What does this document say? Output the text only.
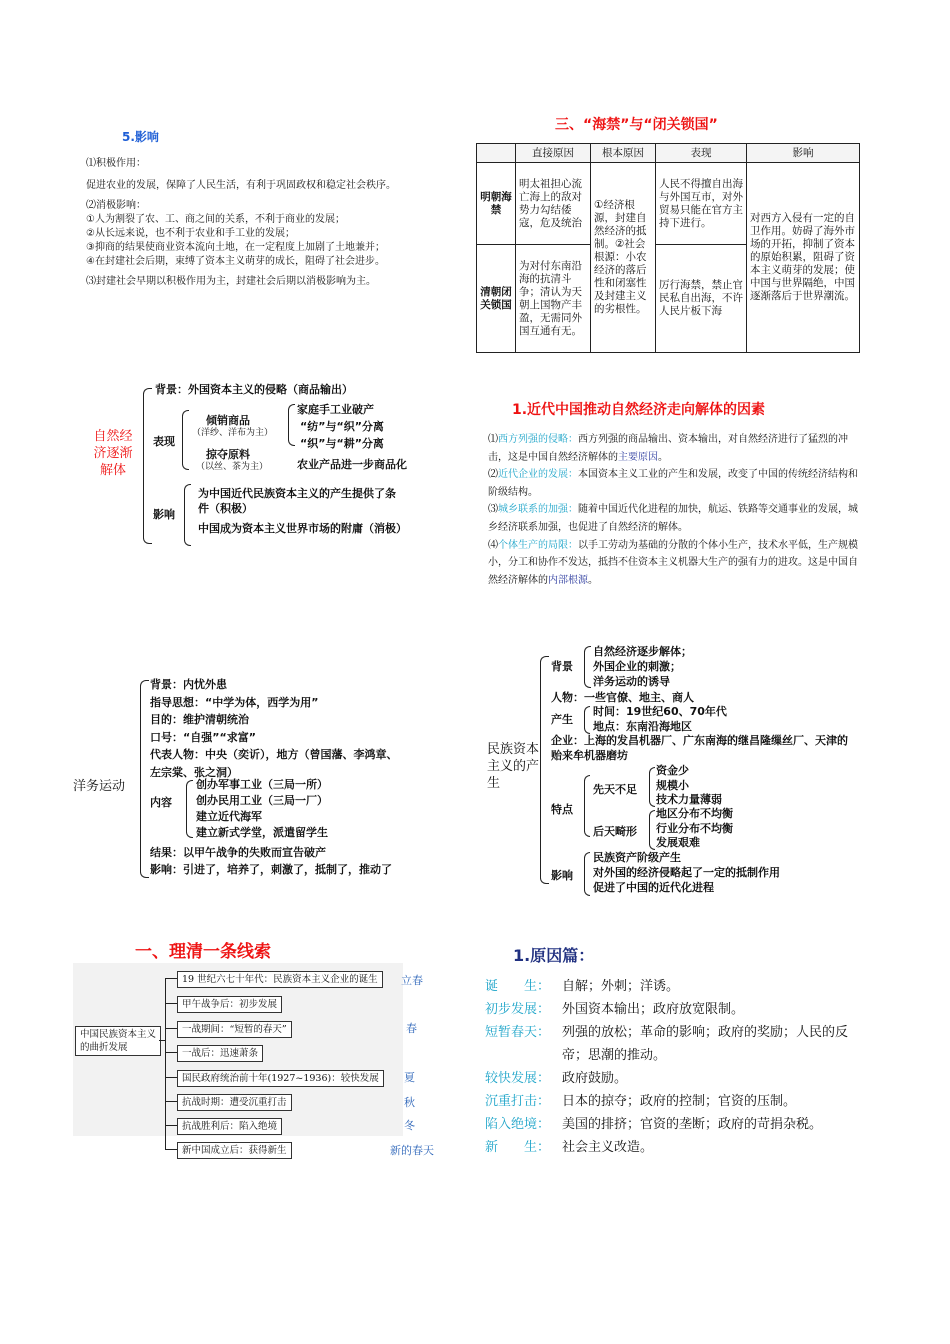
5.影响
⑴积极作用：
促进农业的发展，保障了人民生活，有利于巩固政权和稳定社会秩序。
⑵消极影响：
①人为割裂了农、工、商之间的关系，不利于商业的发展；
②从长远来说，也不利于农业和手工业的发展；
③抑商的结果使商业资本流向土地，在一定程度上加剧了土地兼并；
④在封建社会后期，束缚了资本主义萌芽的成长，阻碍了社会进步。
⑶封建社会早期以积极作用为主，封建社会后期以消极影响为主。
三、“海禁”与“闭关锁国”
	直接原因	根本原因	表现	影响
明朝海禁	明太祖担心流亡海上的敌对势力勾结倭寇，危及统治	①经济根源，封建自然经济的抵制。②社会根源：小农经济的落后性和闭塞性及封建主义的劣根性。	人民不得擅自出海与外国互市，对外贸易只能在官方主持下进行。	对西方入侵有一定的自卫作用。妨碍了海外市场的开拓，抑制了资本的原始积累，阻碍了资本主义萌芽的发展；使中国与世界隔绝，中国逐渐落后于世界潮流。
清朝闭关锁国	为对付东南沿海的抗清斗争；清认为天朝上国物产丰盈，无需同外国互通有无。		厉行海禁，禁止官民私自出海，不许人民片板下海	
自然经济逐渐解体
背景：外国资本主义的侵略（商品输出）
表现
倾销商品
（洋纱、洋布为主）
掠夺原料
（以丝、茶为主）
家庭手工业破产
“纺”与“织”分离
“织”与“耕”分离
农业产品进一步商品化
影响
为中国近代民族资本主义的产生提供了条件（积极）
中国成为资本主义世界市场的附庸（消极）
1.近代中国推动自然经济走向解体的因素
⑴西方列强的侵略：西方列强的商品输出、资本输出，对自然经济进行了猛烈的冲击，这是中国自然经济解体的主要原因。
⑵近代企业的发展：本国资本主义工业的产生和发展，改变了中国的传统经济结构和阶级结构。
⑶城乡联系的加强：随着中国近代化进程的加快，航运、铁路等交通事业的发展，城乡经济联系加强，也促进了自然经济的解体。
⑷个体生产的局限：以手工劳动为基础的分散的个体小生产，技术水平低，生产规模小，分工和协作不发达，抵挡不住资本主义机器大生产的强有力的进攻。这是中国自然经济解体的内部根源。
洋务运动
背景：内忧外患
指导思想：“中学为体，西学为用”
目的：维护清朝统治
口号：“自强”“求富”
代表人物：中央（奕䜣），地方（曾国藩、李鸿章、
左宗棠、张之洞）
内容
创办军事工业（三局一所）
创办民用工业（三局一厂）
建立近代海军
建立新式学堂，派遣留学生
结果：以甲午战争的失败而宣告破产
影响：引进了，培养了，刺激了，抵制了，推动了
民族资本主义的产生
背景
自然经济逐步解体；
外国企业的刺激；
洋务运动的诱导
人物：一些官僚、地主、商人
产生
时间：19世纪60、70年代
地点：东南沿海地区
企业：上海的发昌机器厂、广东南海的继昌隆缫丝厂、天津的贻来牟机器磨坊
特点
先天不足
资金少
规模小
技术力量薄弱
后天畸形
地区分布不均衡
行业分布不均衡
发展艰难
影响
民族资产阶级产生
对外国的经济侵略起了一定的抵制作用
促进了中国的近代化进程
一、理清一条线索
中国民族资本主义的曲折发展
19 世纪六七十年代：民族资本主义企业的诞生
甲午战争后：初步发展
一战期间：“短暂的春天”
一战后：迅速萧条
国民政府统治前十年(1927~1936)：较快发展
抗战时期：遭受沉重打击
抗战胜利后：陷入绝境
新中国成立后：获得新生
立春
春
夏
秋
冬
新的春天
1.原因篇：
诞　　生： 自解；外刺；洋诱。
初步发展： 外国资本输出；政府放宽限制。
短暂春天： 列强的放松；革命的影响；政府的奖励；人民的反帝；思潮的推动。
较快发展： 政府鼓励。
沉重打击： 日本的掠夺；政府的控制；官资的压制。
陷入绝境： 美国的排挤；官资的垄断；政府的苛捐杂税。
新　　生： 社会主义改造。
